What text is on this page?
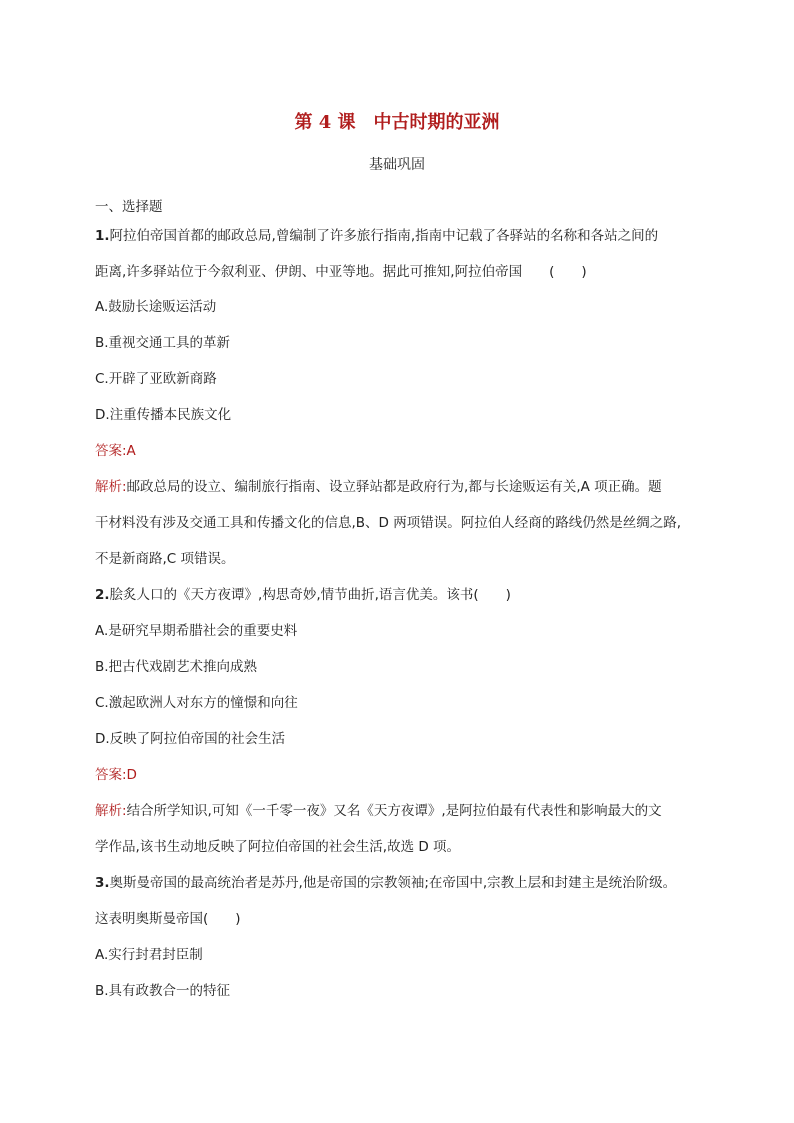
第 4 课　中古时期的亚洲
基础巩固
一、选择题
1.阿拉伯帝国首都的邮政总局,曾编制了许多旅行指南,指南中记载了各驿站的名称和各站之间的
距离,许多驿站位于今叙利亚、伊朗、中亚等地。据此可推知,阿拉伯帝国　　(　　)
A.鼓励长途贩运活动
B.重视交通工具的革新
C.开辟了亚欧新商路
D.注重传播本民族文化
答案:A
解析:邮政总局的设立、编制旅行指南、设立驿站都是政府行为,都与长途贩运有关,A 项正确。题
干材料没有涉及交通工具和传播文化的信息,B、D 两项错误。阿拉伯人经商的路线仍然是丝绸之路,
不是新商路,C 项错误。
2.脍炙人口的《天方夜谭》,构思奇妙,情节曲折,语言优美。该书(　　)
A.是研究早期希腊社会的重要史料
B.把古代戏剧艺术推向成熟
C.激起欧洲人对东方的憧憬和向往
D.反映了阿拉伯帝国的社会生活
答案:D
解析:结合所学知识,可知《一千零一夜》又名《天方夜谭》,是阿拉伯最有代表性和影响最大的文
学作品,该书生动地反映了阿拉伯帝国的社会生活,故选 D 项。
3.奥斯曼帝国的最高统治者是苏丹,他是帝国的宗教领袖;在帝国中,宗教上层和封建主是统治阶级。
这表明奥斯曼帝国(　　)
A.实行封君封臣制
B.具有政教合一的特征
